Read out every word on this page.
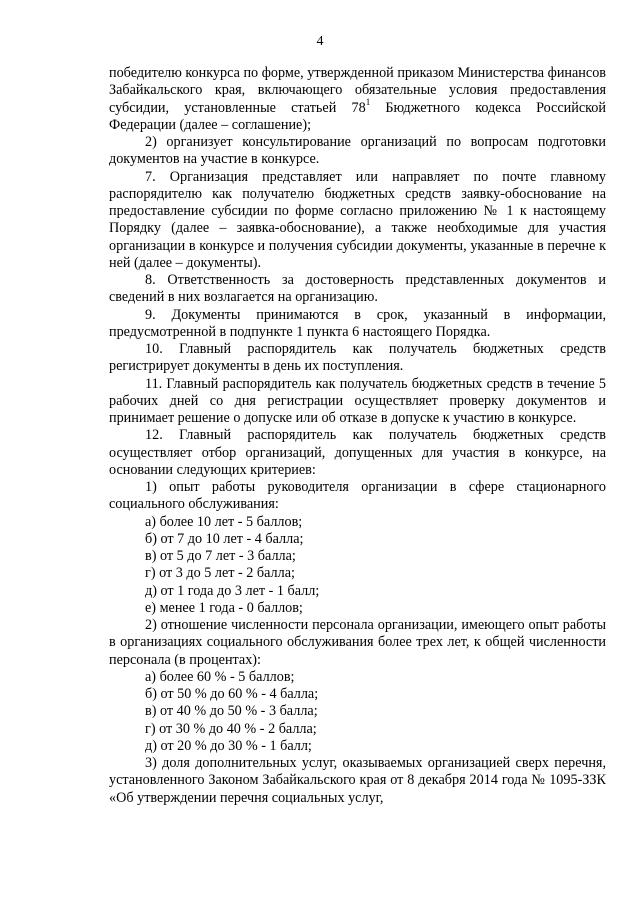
4

победителю конкурса по форме, утвержденной приказом Министерства финансов Забайкальского края, включающего обязательные условия предоставления субсидии, установленные статьей $78^1$ Бюджетного кодекса Российской Федерации (далее – соглашение);

2) организует консультирование организаций по вопросам подготовки документов на участие в конкурсе.

7. Организация представляет или направляет по почте главному распорядителю как получателю бюджетных средств заявку-обоснование на предоставление субсидии по форме согласно приложению № 1 к настоящему Порядку (далее – заявка-обоснование), а также необходимые для участия организации в конкурсе и получения субсидии документы, указанные в перечне к ней (далее – документы).

8. Ответственность за достоверность представленных документов и сведений в них возлагается на организацию.

9. Документы принимаются в срок, указанный в информации, предусмотренной в подпункте 1 пункта 6 настоящего Порядка.

10. Главный распорядитель как получатель бюджетных средств регистрирует документы в день их поступления.

11. Главный распорядитель как получатель бюджетных средств в течение 5 рабочих дней со дня регистрации осуществляет проверку документов и принимает решение о допуске или об отказе в допуске к участию в конкурсе.

12. Главный распорядитель как получатель бюджетных средств осуществляет отбор организаций, допущенных для участия в конкурсе, на основании следующих критериев:

1) опыт работы руководителя организации в сфере стационарного социального обслуживания:

а) более 10 лет - 5 баллов;

б) от 7 до 10 лет - 4 балла;

в) от 5 до 7 лет - 3 балла;

г) от 3 до 5 лет - 2 балла;

д) от 1 года до 3 лет - 1 балл;

е) менее 1 года - 0 баллов;

2) отношение численности персонала организации, имеющего опыт работы в организациях социального обслуживания более трех лет, к общей численности персонала (в процентах):

а) более 60 % - 5 баллов;

б) от 50 % до 60 % - 4 балла;

в) от 40 % до 50 % - 3 балла;

г) от 30 % до 40 % - 2 балла;

д) от 20 % до 30 % - 1 балл;

3) доля дополнительных услуг, оказываемых организацией сверх перечня, установленного Законом Забайкальского края от 8 декабря 2014 года № 1095-ЗЗК «Об утверждении перечня социальных услуг,
